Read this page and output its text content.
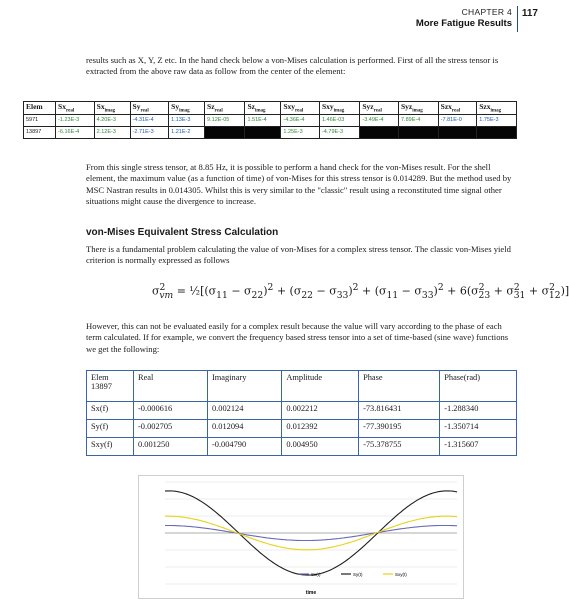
CHAPTER 4
More Fatigue Results
117
results such as X, Y, Z etc. In the hand check below a von-Mises calculation is performed. First of all the stress tensor is extracted from the above raw data as follow from the center of the element:
Elem	$Sx_{real}$	$Sx_{imag}$	$Sy_{real}$	$Sy_{imag}$	$Sz_{real}$	$Sz_{imag}$	Sxy$_{real}$	Sxy$_{imag}$	Syz$_{real}$	Syz$_{imag}$	Szx$_{real}$	Szx$_{imag}$
5971	-1.23E-3	4.20E-3	-4.31E-4	1.13E-3	9.12E-05	1.51E-4	-4.36E-4	1.46E-03	-3.49E-4	7.89E-4	-7.81E-0	1.75E-3
13897	-6.16E-4	2.12E-3	-2.71E-3	1.21E-2			1.25E-3	-4.79E-3				
From this single stress tensor, at 8.85 Hz, it is possible to perform a hand check for the von-Mises result. For the shell element, the maximum value (as a function of time) of von-Mises for this stress tensor is 0.014289. But the method used by MSC Nastran results in 0.014305. Whilst this is very similar to the "classic" result using a reconstituted time signal other situations might cause the divergence to increase.
von-Mises Equivalent Stress Calculation
There is a fundamental problem calculating the value of von-Mises for a complex stress tensor. The classic von-Mises yield criterion is normally expressed as follows
$\sigma^2_{vm}$ = $\frac{1}{2}[(\sigma_{11} - \sigma_{22})^2 + (\sigma_{22} - \sigma_{33})^2 + (\sigma_{11} - \sigma_{33})^2 + 6(\sigma^2_{23} + \sigma^2_{31} + \sigma^2_{12})]$
However, this can not be evaluated easily for a complex result because the value will vary according to the phase of each term calculated. If for example, we convert the frequency based stress tensor into a set of time-based (sine wave) functions we get the following:
Elem 13897	Real	Imaginary	Amplitude	Phase	Phase(rad)
Sx(f)	-0.000616	0.002124	0.002212	-73.816431	-1.288340
Sy(f)	-0.002705	0.012094	0.012392	-77.390195	-1.350714
Sxy(f)	0.001250	-0.004790	0.004950	-75.378755	-1.315607
Sx(t)	Sy(t)	Sxy(t)
time
